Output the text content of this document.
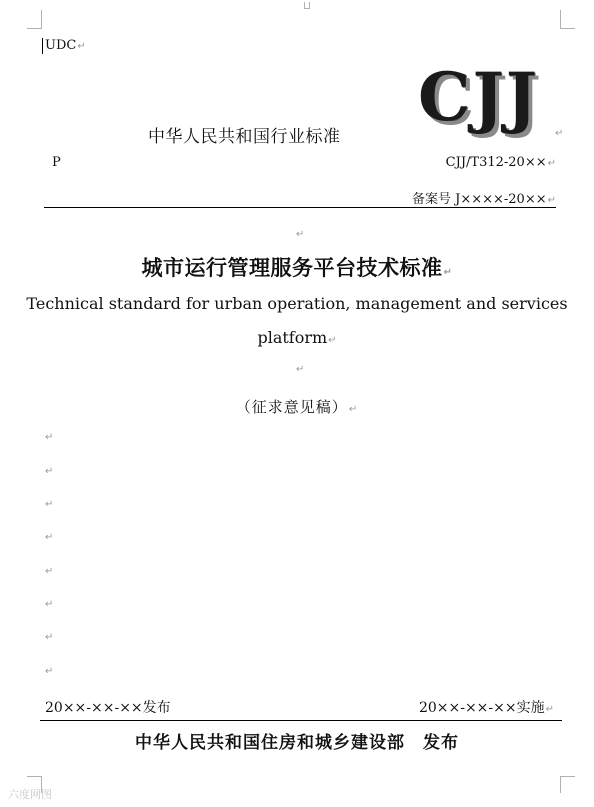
UDC↵
CJJ ↵
中华人民共和国行业标准
P	CJJ/T312-20××↵
备案号 J××××-20××↵
↵
城市运行管理服务平台技术标准↵
Technical standard for urban operation, management and services
platform↵
↵
（征求意见稿）↵
↵
↵
↵
↵
↵
↵
↵
↵
20××-××-××发布	20××-××-××实施↵
中华人民共和国住房和城乡建设部 发布
六度网图
